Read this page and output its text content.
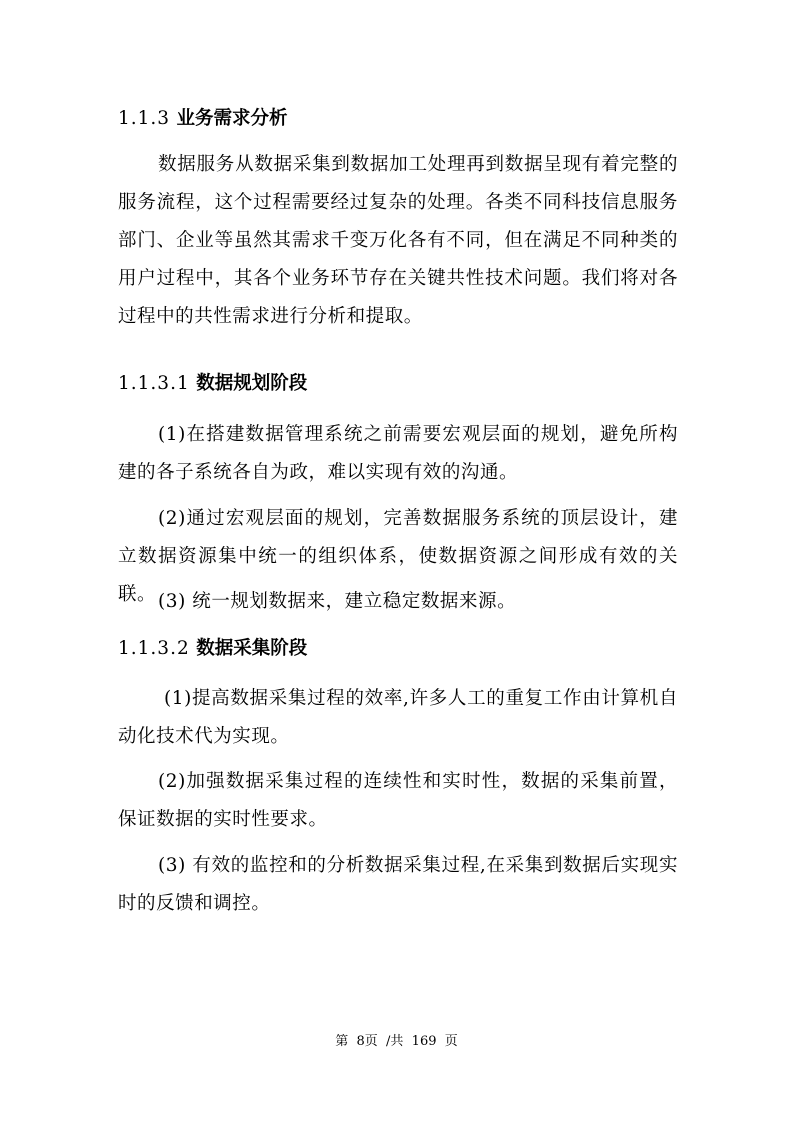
1.1.3 业务需求分析
数据服务从数据采集到数据加工处理再到数据呈现有着完整的服务流程，这个过程需要经过复杂的处理。各类不同科技信息服务部门、企业等虽然其需求千变万化各有不同，但在满足不同种类的用户过程中，其各个业务环节存在关键共性技术问题。我们将对各过程中的共性需求进行分析和提取。
1.1.3.1 数据规划阶段
(1)在搭建数据管理系统之前需要宏观层面的规划，避免所构建的各子系统各自为政，难以实现有效的沟通。
(2)通过宏观层面的规划，完善数据服务系统的顶层设计，建立数据资源集中统一的组织体系，使数据资源之间形成有效的关联。 (3) 统一规划数据来，建立稳定数据来源。
1.1.3.2 数据采集阶段
(1)提高数据采集过程的效率,许多人工的重复工作由计算机自动化技术代为实现。
(2)加强数据采集过程的连续性和实时性，数据的采集前置，保证数据的实时性要求。
(3) 有效的监控和的分析数据采集过程,在采集到数据后实现实时的反馈和调控。
第  8页  /共  169  页
